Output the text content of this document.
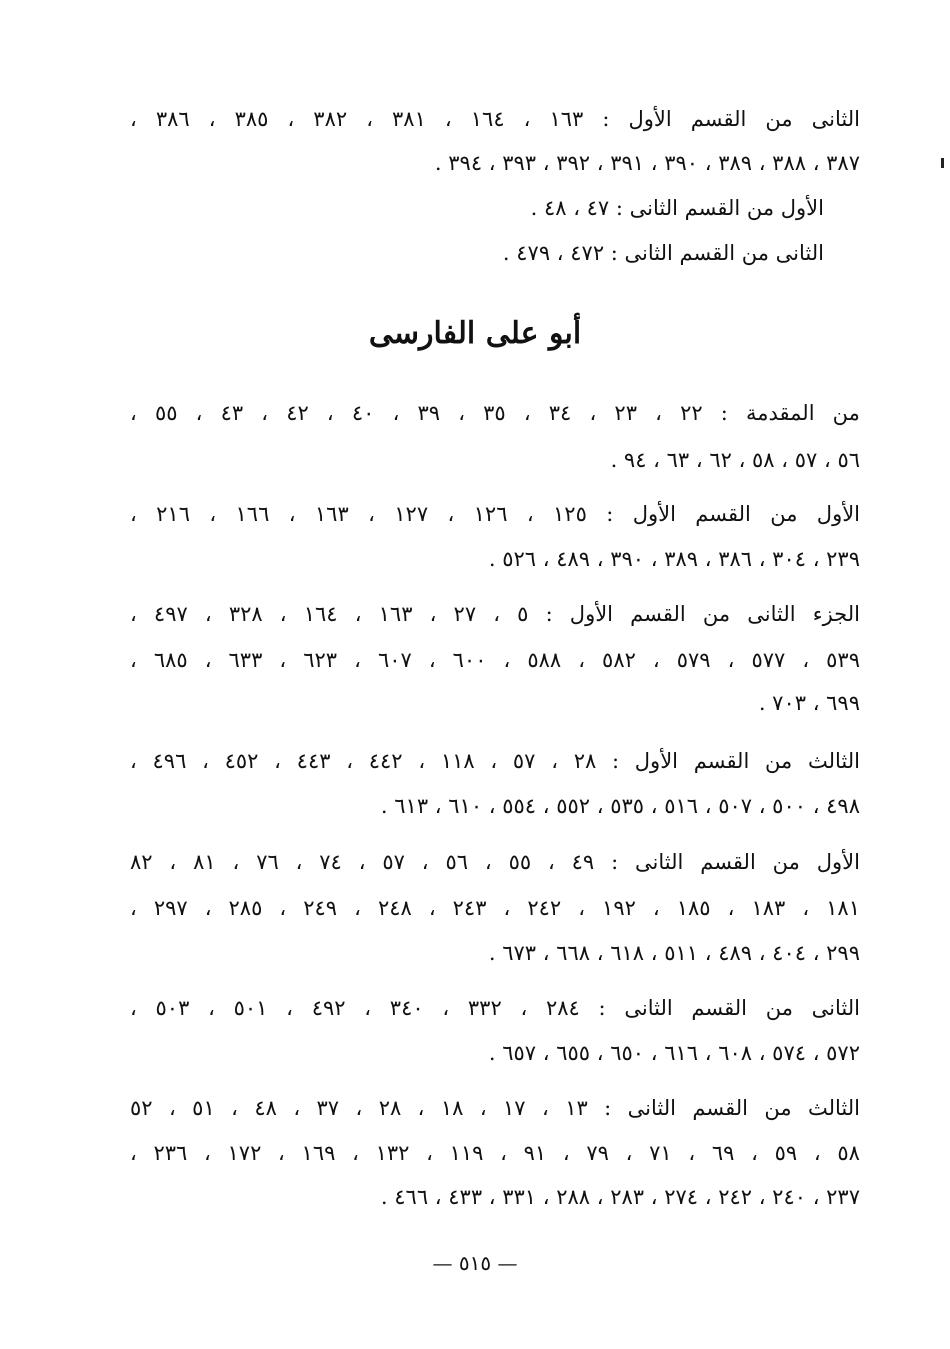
الثانى من القسم الأول : ١٦٣ ، ١٦٤ ، ٣٨١ ، ٣٨٢ ، ٣٨٥ ، ٣٨٦ ،
٣٨٧ ، ٣٨٨ ، ٣٨٩ ، ٣٩٠ ، ٣٩١ ، ٣٩٢ ، ٣٩٣ ، ٣٩٤ .
الأول من القسم الثانى : ٤٧ ، ٤٨ .
الثانى من القسم الثانى : ٤٧٢ ، ٤٧٩ .
أبو على الفارسى
من المقدمة : ٢٢ ، ٢٣ ، ٣٤ ، ٣٥ ، ٣٩ ، ٤٠ ، ٤٢ ، ٤٣ ، ٥٥ ،
٥٦ ، ٥٧ ، ٥٨ ، ٦٢ ، ٦٣ ، ٩٤ .
الأول من القسم الأول : ١٢٥ ، ١٢٦ ، ١٢٧ ، ١٦٣ ، ١٦٦ ، ٢١٦ ،
٢٣٩ ، ٣٠٤ ، ٣٨٦ ، ٣٨٩ ، ٣٩٠ ، ٤٨٩ ، ٥٢٦ .
الجزء الثانى من القسم الأول : ٥ ، ٢٧ ، ١٦٣ ، ١٦٤ ، ٣٢٨ ، ٤٩٧ ،
٥٣٩ ، ٥٧٧ ، ٥٧٩ ، ٥٨٢ ، ٥٨٨ ، ٦٠٠ ، ٦٠٧ ، ٦٢٣ ، ٦٣٣ ، ٦٨٥ ،
٦٩٩ ، ٧٠٣ .
الثالث من القسم الأول : ٢٨ ، ٥٧ ، ١١٨ ، ٤٤٢ ، ٤٤٣ ، ٤٥٢ ، ٤٩٦ ،
٤٩٨ ، ٥٠٠ ، ٥٠٧ ، ٥١٦ ، ٥٣٥ ، ٥٥٢ ، ٥٥٤ ، ٦١٠ ، ٦١٣ .
الأول من القسم الثانى : ٤٩ ، ٥٥ ، ٥٦ ، ٥٧ ، ٧٤ ، ٧٦ ، ٨١ ، ٨٢
١٨١ ، ١٨٣ ، ١٨٥ ، ١٩٢ ، ٢٤٢ ، ٢٤٣ ، ٢٤٨ ، ٢٤٩ ، ٢٨٥ ، ٢٩٧ ،
٢٩٩ ، ٤٠٤ ، ٤٨٩ ، ٥١١ ، ٦١٨ ، ٦٦٨ ، ٦٧٣ .
الثانى من القسم الثانى : ٢٨٤ ، ٣٣٢ ، ٣٤٠ ، ٤٩٢ ، ٥٠١ ، ٥٠٣ ،
٥٧٢ ، ٥٧٤ ، ٦٠٨ ، ٦١٦ ، ٦٥٠ ، ٦٥٥ ، ٦٥٧ .
الثالث من القسم الثانى : ١٣ ، ١٧ ، ١٨ ، ٢٨ ، ٣٧ ، ٤٨ ، ٥١ ، ٥٢
٥٨ ، ٥٩ ، ٦٩ ، ٧١ ، ٧٩ ، ٩١ ، ١١٩ ، ١٣٢ ، ١٦٩ ، ١٧٢ ، ٢٣٦ ،
٢٣٧ ، ٢٤٠ ، ٢٤٢ ، ٢٧٤ ، ٢٨٣ ، ٢٨٨ ، ٣٣١ ، ٤٣٣ ، ٤٦٦ .
— ٥١٥ —
